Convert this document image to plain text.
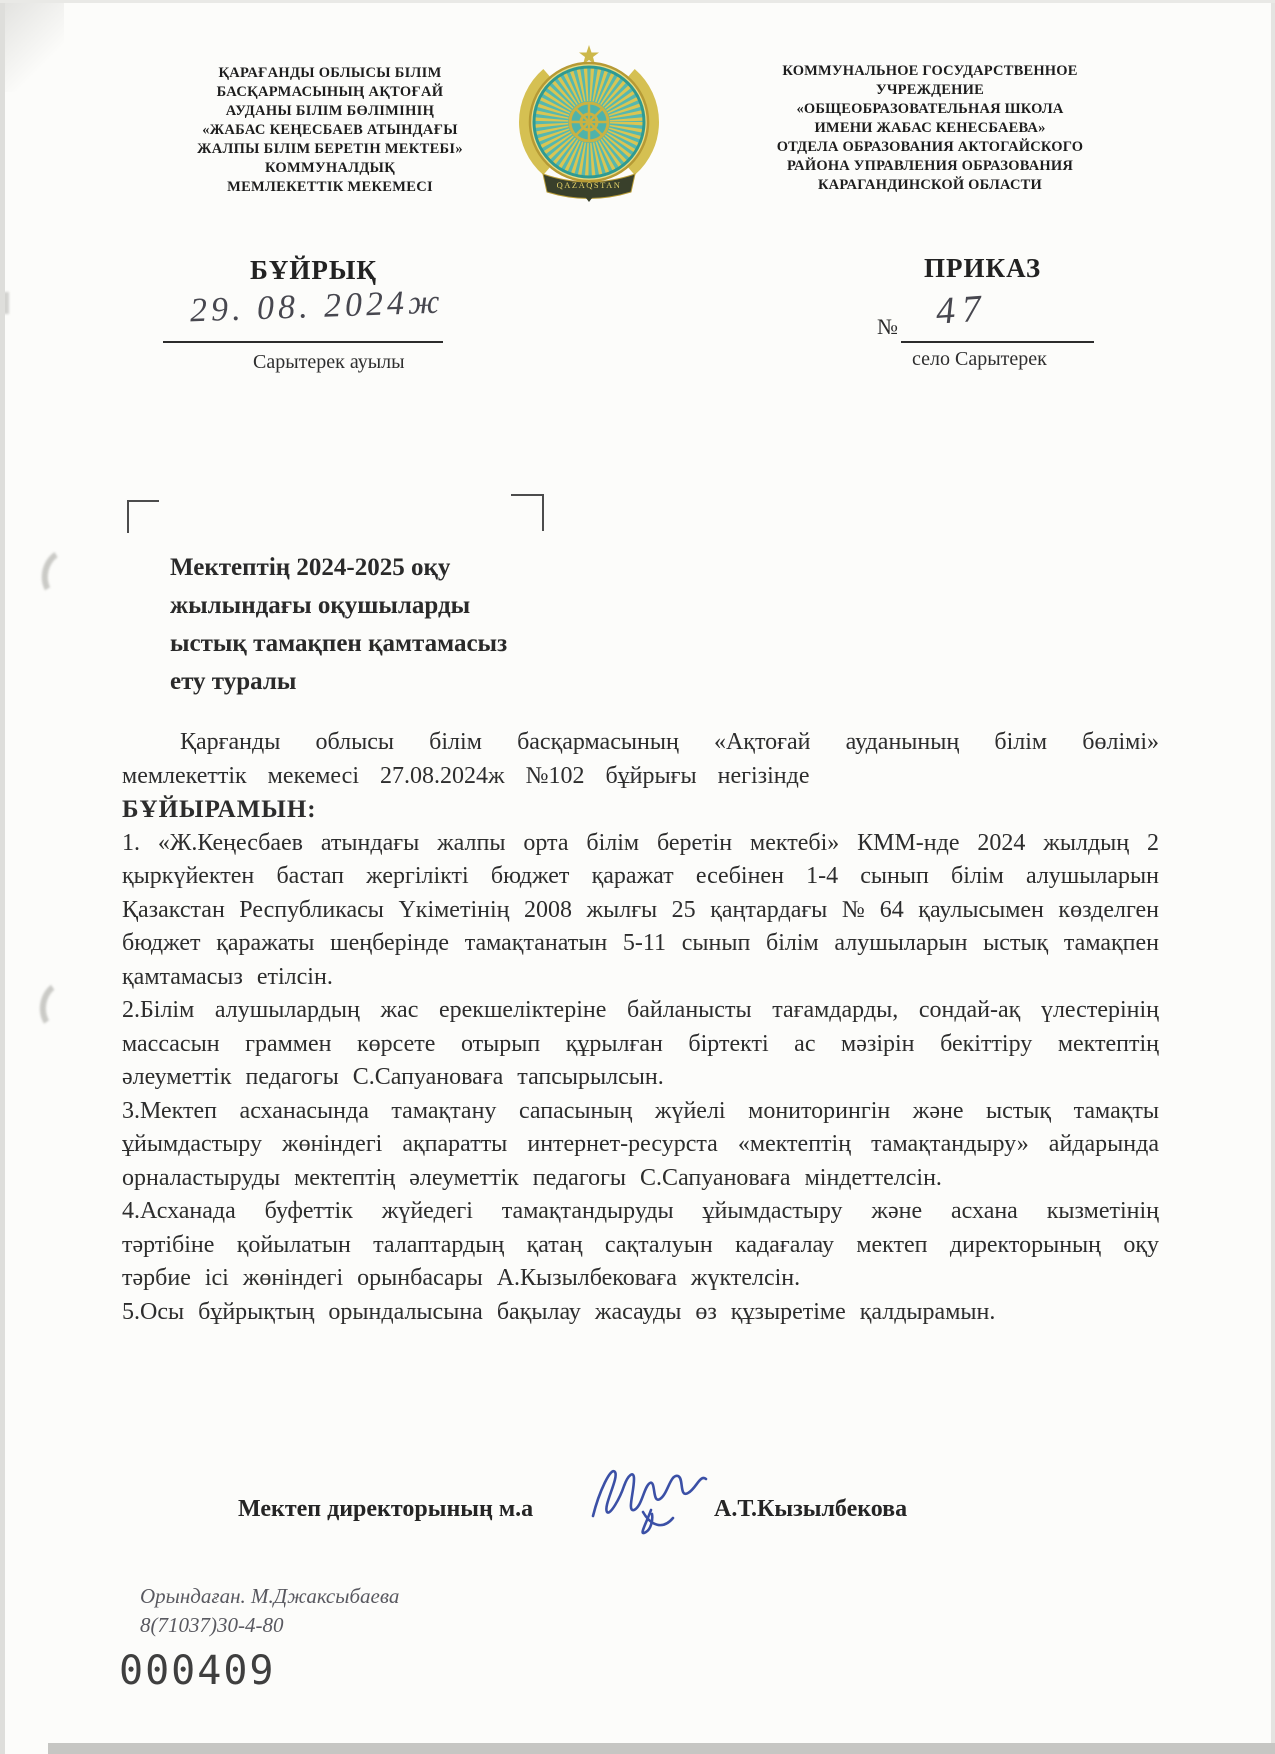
ҚАРАҒАНДЫ ОБЛЫСЫ БІЛІМ
БАСҚАРМАСЫНЫҢ АҚТОҒАЙ
АУДАНЫ БІЛІМ БӨЛІМІНІҢ
«ЖАБАС КЕҢЕСБАЕВ АТЫНДАҒЫ
ЖАЛПЫ БІЛІМ БЕРЕТІН МЕКТЕБІ»
КОММУНАЛДЫҚ
МЕМЛЕКЕТТІК МЕКЕМЕСІ	QAZAQSTAN
КОММУНАЛЬНОЕ ГОСУДАРСТВЕННОЕ
УЧРЕЖДЕНИЕ
«ОБЩЕОБРАЗОВАТЕЛЬНАЯ ШКОЛА
ИМЕНИ ЖАБАС КЕНЕСБАЕВА»
ОТДЕЛА ОБРАЗОВАНИЯ АКТОГАЙСКОГО
РАЙОНА УПРАВЛЕНИЯ ОБРАЗОВАНИЯ
КАРАГАНДИНСКОЙ ОБЛАСТИ
БҰЙРЫҚ	ПРИКАЗ
29. 08. 2024ж	№ 47
Сарытерек ауылы	село Сарытерек
Мектептің 2024-2025 оқу
жылындағы оқушыларды
ыстық тамақпен қамтамасыз
ету туралы

Қарғанды облысы білім басқармасының «Ақтоғай ауданының білім бөлімі» мемлекеттік мекемесі 27.08.2024ж №102 бұйрығы негізінде

БҰЙЫРАМЫН:

1. «Ж.Кеңесбаев атындағы жалпы орта білім беретін мектебі» КММ-нде 2024 жылдың 2 қыркүйектен бастап жергілікті бюджет қаражат есебінен 1-4 сынып білім алушыларын Қазакстан Республикасы Үкіметінің 2008 жылғы 25 қаңтардағы № 64 қаулысымен көзделген бюджет қаражаты шеңберінде тамақтанатын 5-11 сынып білім алушыларын ыстық тамақпен қамтамасыз етілсін.

2.Білім алушылардың жас ерекшеліктеріне байланысты тағамдарды, сондай-ақ үлестерінің массасын граммен көрсете отырып құрылған біртекті ас мәзірін бекіттіру мектептің әлеуметтік педагогы С.Сапуановаға тапсырылсын.

3.Мектеп асханасында тамақтану сапасының жүйелі мониторингін және ыстық тамақты ұйымдастыру жөніндегі ақпаратты интернет-ресурста «мектептің тамақтандыру» айдарында орналастыруды мектептің әлеуметтік педагогы С.Сапуановаға міндеттелсін.

4.Асханада буфеттік жүйедегі тамақтандыруды ұйымдастыру және асхана кызметінің тәртібіне қойылатын талаптардың қатаң сақталуын кадағалау мектеп директорының оқу тәрбие ісі жөніндегі орынбасары А.Кызылбековаға жүктелсін.

5.Осы бұйрықтың орындалысына бақылау жасауды өз құзыретіме қалдырамын.

Мектеп директорының м.а	А.Т.Кызылбекова
Орындаған. М.Джаксыбаева
8(71037)30-4-80
000409
